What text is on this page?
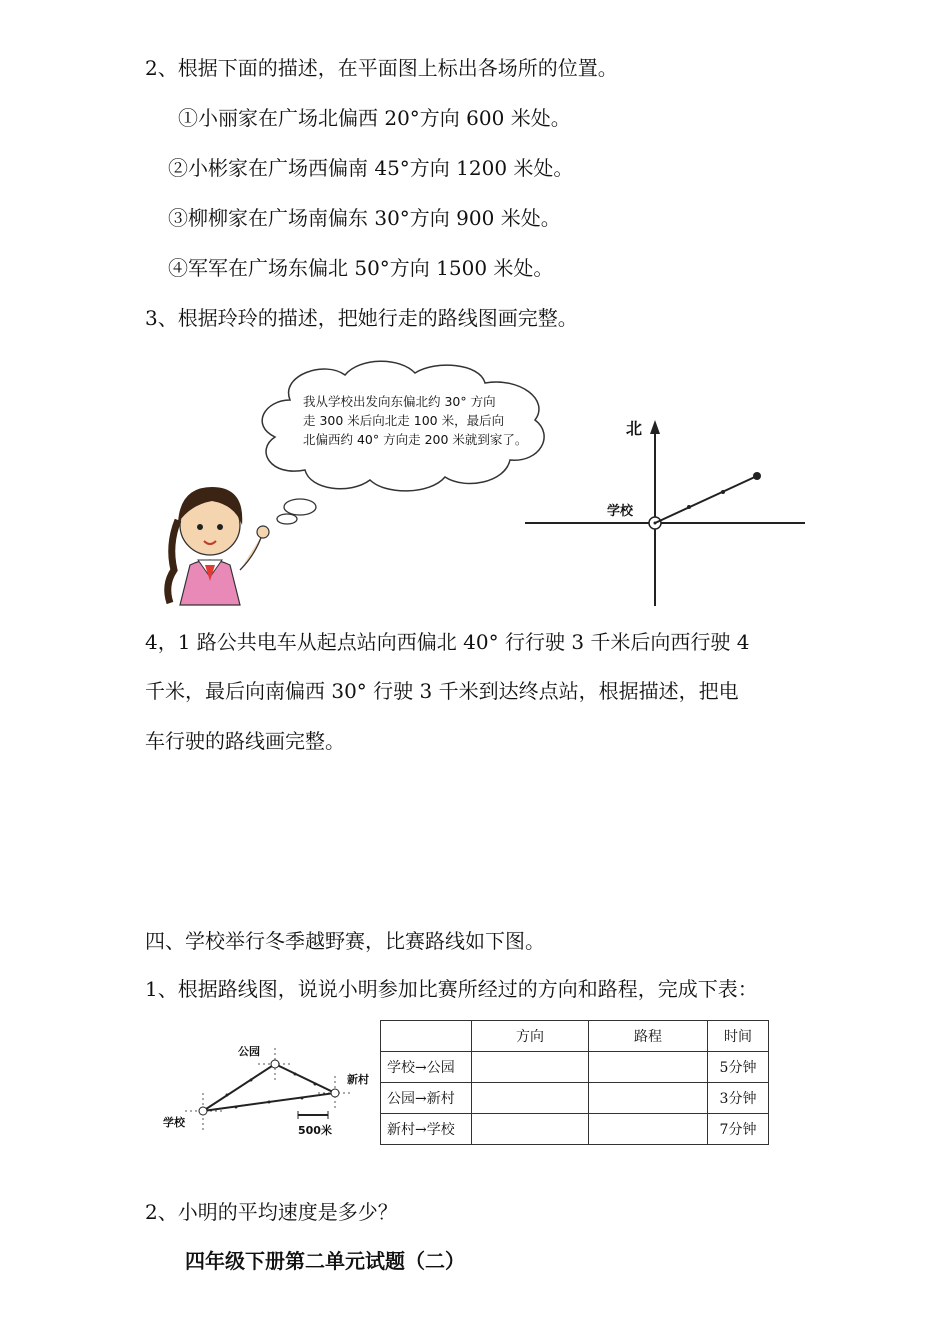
2、根据下面的描述，在平面图上标出各场所的位置。
①小丽家在广场北偏西 20°方向 600 米处。
②小彬家在广场西偏南 45°方向 1200 米处。
③柳柳家在广场南偏东 30°方向 900 米处。
④军军在广场东偏北 50°方向 1500 米处。
3、根据玲玲的描述，把她行走的路线图画完整。
我从学校出发向东偏北约 30° 方向
走 300 米后向北走 100 米，最后向
北偏西约 40° 方向走 200 米就到家了。
北
学校
4，1 路公共电车从起点站向西偏北 40° 行行驶 3 千米后向西行驶 4
千米，最后向南偏西 30° 行驶 3 千米到达终点站，根据描述，把电
车行驶的路线画完整。
四、学校举行冬季越野赛，比赛路线如下图。
1、根据路线图，说说小明参加比赛所经过的方向和路程，完成下表：
公园
新村
学校
500米
	方向	路程	时间
学校→公园			5分钟
公园→新村			3分钟
新村→学校			7分钟
2、小明的平均速度是多少？
四年级下册第二单元试题（二）
